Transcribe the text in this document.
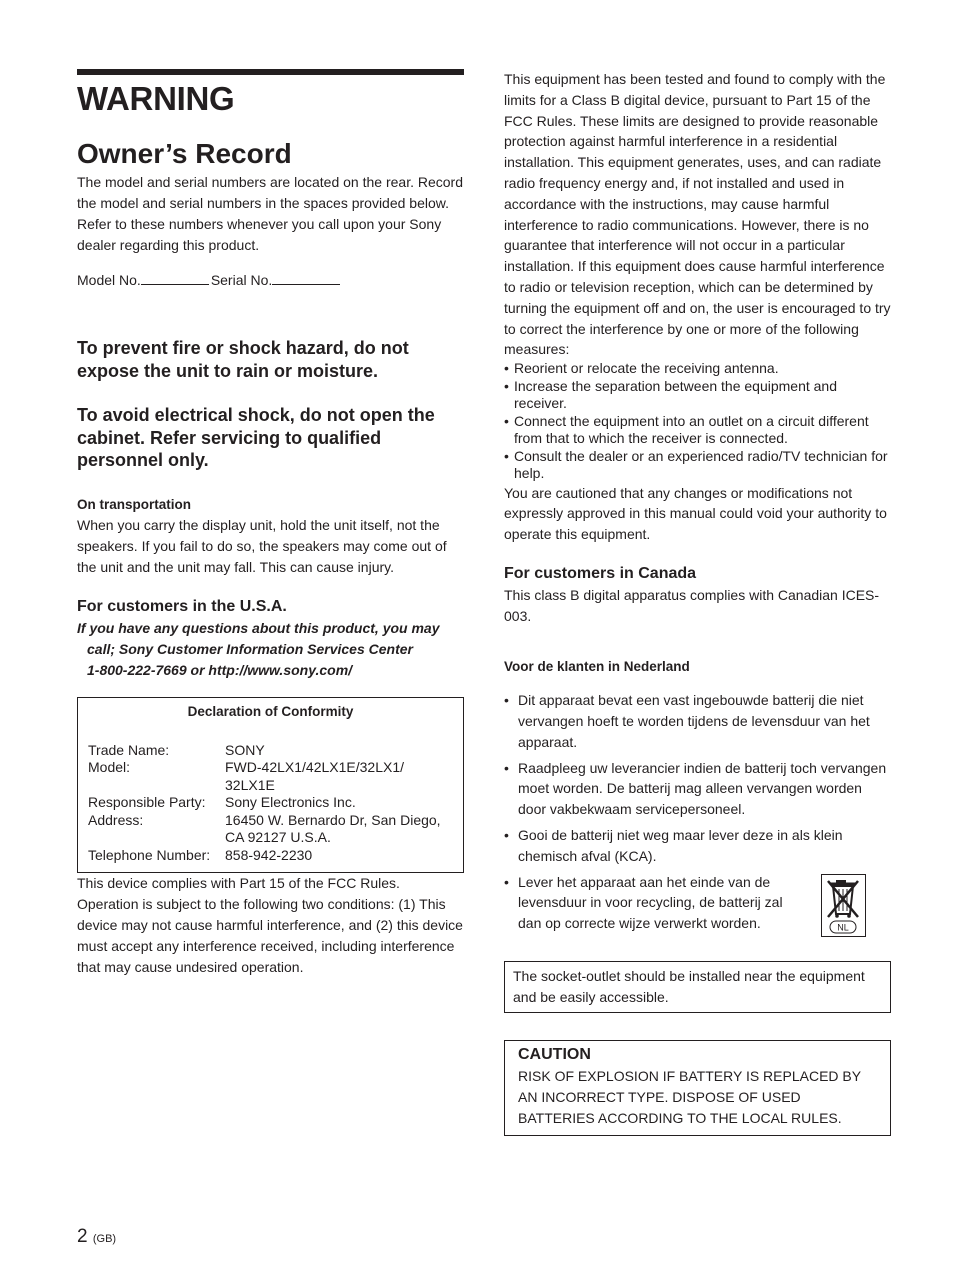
WARNING
Owner’s Record

The model and serial numbers are located on the rear. Record the model and serial numbers in the spaces provided below. Refer to these numbers whenever you call upon your Sony dealer regarding this product.

Model No.	Serial No.

To prevent fire or shock hazard, do not expose the unit to rain or moisture.

To avoid electrical shock, do not open the cabinet. Refer servicing to qualified personnel only.

On transportation

When you carry the display unit, hold the unit itself, not the speakers. If you fail to do so, the speakers may come out of the unit and the unit may fall. This can cause injury.

For customers in the U.S.A.

If you have any questions about this product, you may
call; Sony Customer Information Services Center
1-800-222-7669 or http://www.sony.com/
Declaration of Conformity
Trade Name:	SONY
Model:	FWD-42LX1/42LX1E/32LX1/
32LX1E
Responsible Party:	Sony Electronics Inc.
Address:	16450 W. Bernardo Dr, San Diego,
CA 92127 U.S.A.
Telephone Number:	858-942-2230

This device complies with Part 15 of the FCC Rules. Operation is subject to the following two conditions: (1) This device may not cause harmful interference, and (2) this device must accept any interference received, including interference that may cause undesired operation.

This equipment has been tested and found to comply with the limits for a Class B digital device, pursuant to Part 15 of the FCC Rules. These limits are designed to provide reasonable protection against harmful interference in a residential installation. This equipment generates, uses, and can radiate radio frequency energy and, if not installed and used in accordance with the instructions, may cause harmful interference to radio communications. However, there is no guarantee that interference will not occur in a particular installation. If this equipment does cause harmful interference to radio or television reception, which can be determined by turning the equipment off and on, the user is encouraged to try to correct the interference by one or more of the following measures:

• Reorient or relocate the receiving antenna.
• Increase the separation between the equipment and receiver.
• Connect the equipment into an outlet on a circuit different from that to which the receiver is connected.
• Consult the dealer or an experienced radio/TV technician for help.

You are cautioned that any changes or modifications not expressly approved in this manual could void your authority to operate this equipment.

For customers in Canada

This class B digital apparatus complies with Canadian ICES-003.

Voor de klanten in Nederland

• Dit apparaat bevat een vast ingebouwde batterij die niet vervangen hoeft te worden tijdens de levensduur van het apparaat.
• Raadpleeg uw leverancier indien de batterij toch vervangen moet worden. De batterij mag alleen vervangen worden door vakbekwaam servicepersoneel.
• Gooi de batterij niet weg maar lever deze in als klein chemisch afval (KCA).
• Lever het apparaat aan het einde van de levensduur in voor recycling, de batterij zal dan op correcte wijze verwerkt worden.	NL
The socket-outlet should be installed near the equipment and be easily accessible.
CAUTION
RISK OF EXPLOSION IF BATTERY IS REPLACED BY AN INCORRECT TYPE. DISPOSE OF USED BATTERIES ACCORDING TO THE LOCAL RULES.
2 (GB)
